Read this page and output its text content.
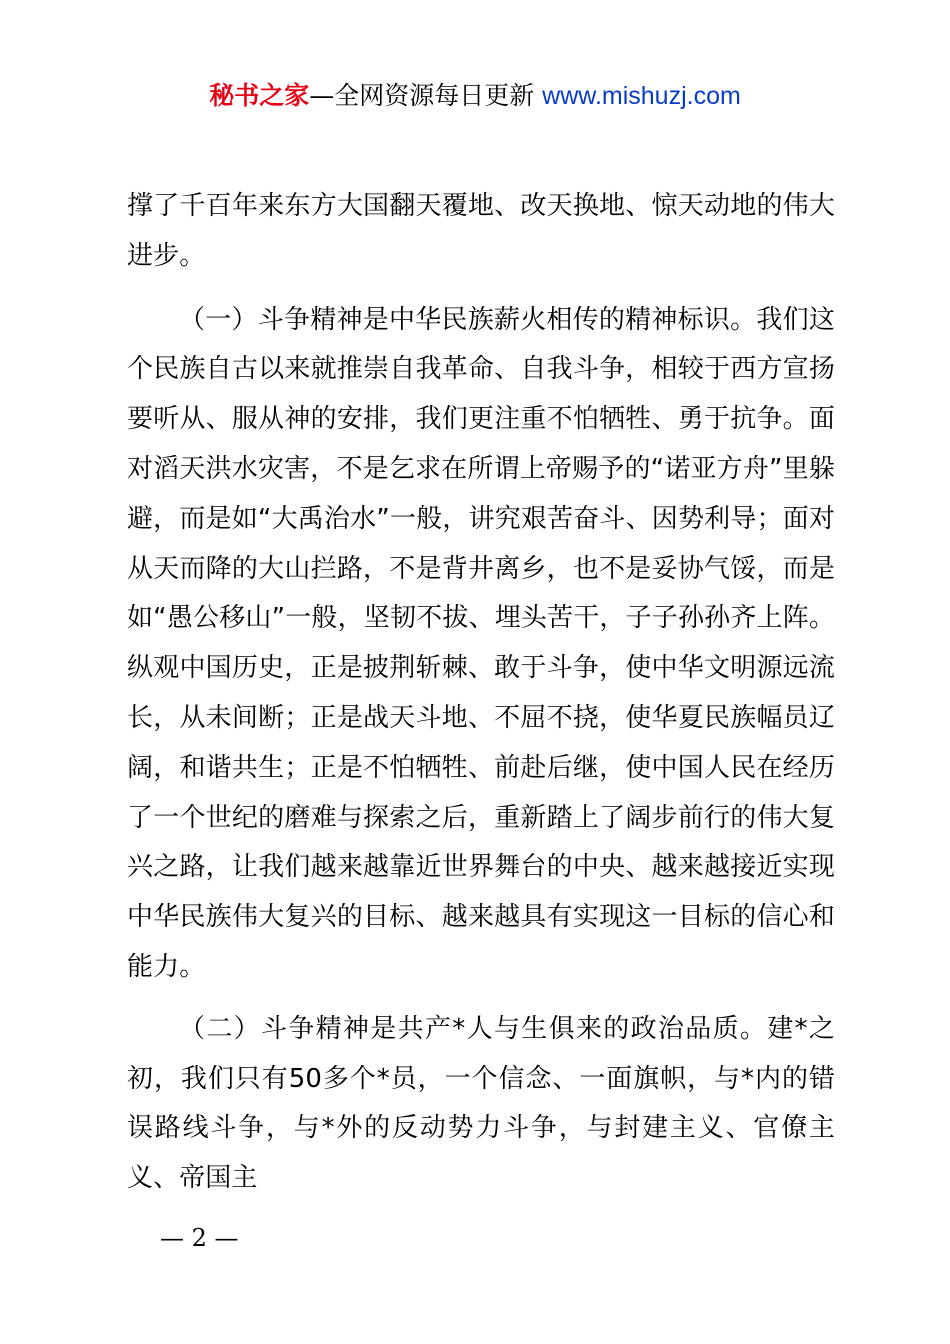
秘书之家—全网资源每日更新 www.mishuzj.com

撑了千百年来东方大国翻天覆地、改天换地、惊天动地的伟大进步。

（一）斗争精神是中华民族薪火相传的精神标识。我们这个民族自古以来就推崇自我革命、自我斗争，相较于西方宣扬要听从、服从神的安排，我们更注重不怕牺牲、勇于抗争。面对滔天洪水灾害，不是乞求在所谓上帝赐予的“诺亚方舟”里躲避，而是如“大禹治水”一般，讲究艰苦奋斗、因势利导；面对从天而降的大山拦路，不是背井离乡，也不是妥协气馁，而是如“愚公移山”一般，坚韧不拔、埋头苦干，子子孙孙齐上阵。纵观中国历史，正是披荆斩棘、敢于斗争，使中华文明源远流长，从未间断；正是战天斗地、不屈不挠，使华夏民族幅员辽阔，和谐共生；正是不怕牺牲、前赴后继，使中国人民在经历了一个世纪的磨难与探索之后，重新踏上了阔步前行的伟大复兴之路，让我们越来越靠近世界舞台的中央、越来越接近实现中华民族伟大复兴的目标、越来越具有实现这一目标的信心和能力。

（二）斗争精神是共产*人与生俱来的政治品质。建*之初，我们只有50多个*员，一个信念、一面旗帜，与*内的错误路线斗争，与*外的反动势力斗争，与封建主义、官僚主义、帝国主

— 2 —
